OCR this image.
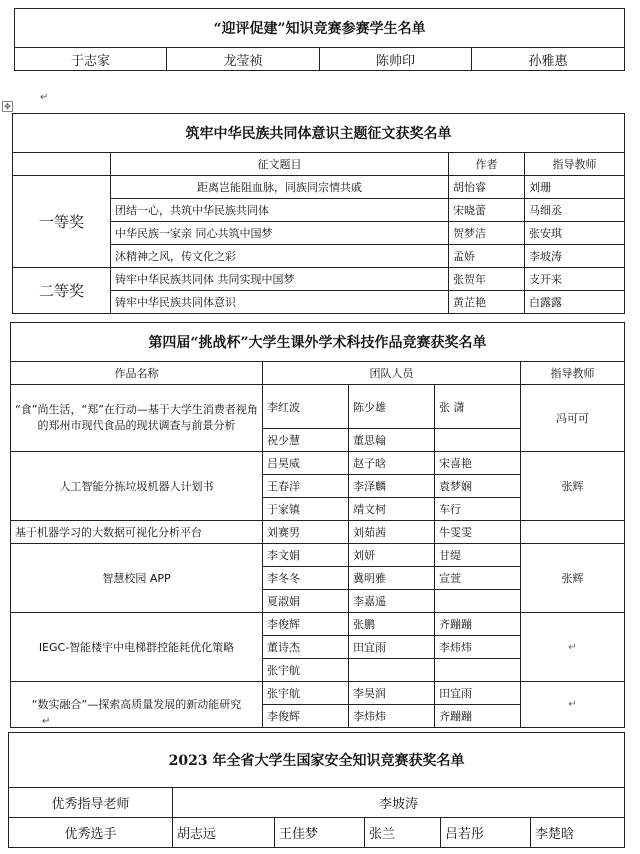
“迎评促建”知识竞赛参赛学生名单
于志家	龙莹祯	陈帅印	孙雅惠
↵
✥
筑牢中华民族共同体意识主题征文获奖名单			
	征文题目	作者	指导教师
一等奖	距离岂能阻血脉，同族同宗情共戚	胡怡睿	刘珊
	团结一心，共筑中华民族共同体	宋晓蕾	马细丞
	中华民族一家亲 同心共筑中国梦	贺梦洁	张安琪
	沐精神之风，传文化之彩	孟娇	李坡涛
二等奖	铸牢中华民族共同体 共同实现中国梦	张贺年	支开来
	铸牢中华民族共同体意识	黄芷艳	白露露
第四届“挑战杯”大学生课外学术科技作品竞赛获奖名单				
作品名称	团队人员			指导教师
“食”尚生活，“郑”在行动—基于大学生消费者视角的郑州市现代食品的现状调查与前景分析	李红波	陈少雄	张 潇	冯可可
	祝少慧	董思翰		
人工智能分拣垃圾机器人计划书	吕昊威	赵子晗	宋喜艳	张辉
	王春洋	李泽麟	袁梦娴	
	于家镇	靖文柯	车行	
基于机器学习的大数据可视化分析平台	刘赛男	刘茹茜	牛雯雯	
智慧校园 APP	李文娟	刘妍	甘缇	张辉
	李冬冬	冀明雅	宣萱	
	夏淑娟	李嘉遥		
IEGC-智能楼宇中电梯群控能耗优化策略	李俊辉	张鹏	齐蹦蹦	↵
	董诗杰	田宜雨	李炜炜	
	张宇航			
“数实融合”—探索高质量发展的新动能研究	张宇航	李昊润	田宜雨	↵
	李俊辉	李炜炜	齐蹦蹦	
↵
2023 年全省大学生国家安全知识竞赛获奖名单					
优秀指导老师	李坡涛				
优秀选手	胡志远	王佳梦	张兰	吕若彤	李楚晗
